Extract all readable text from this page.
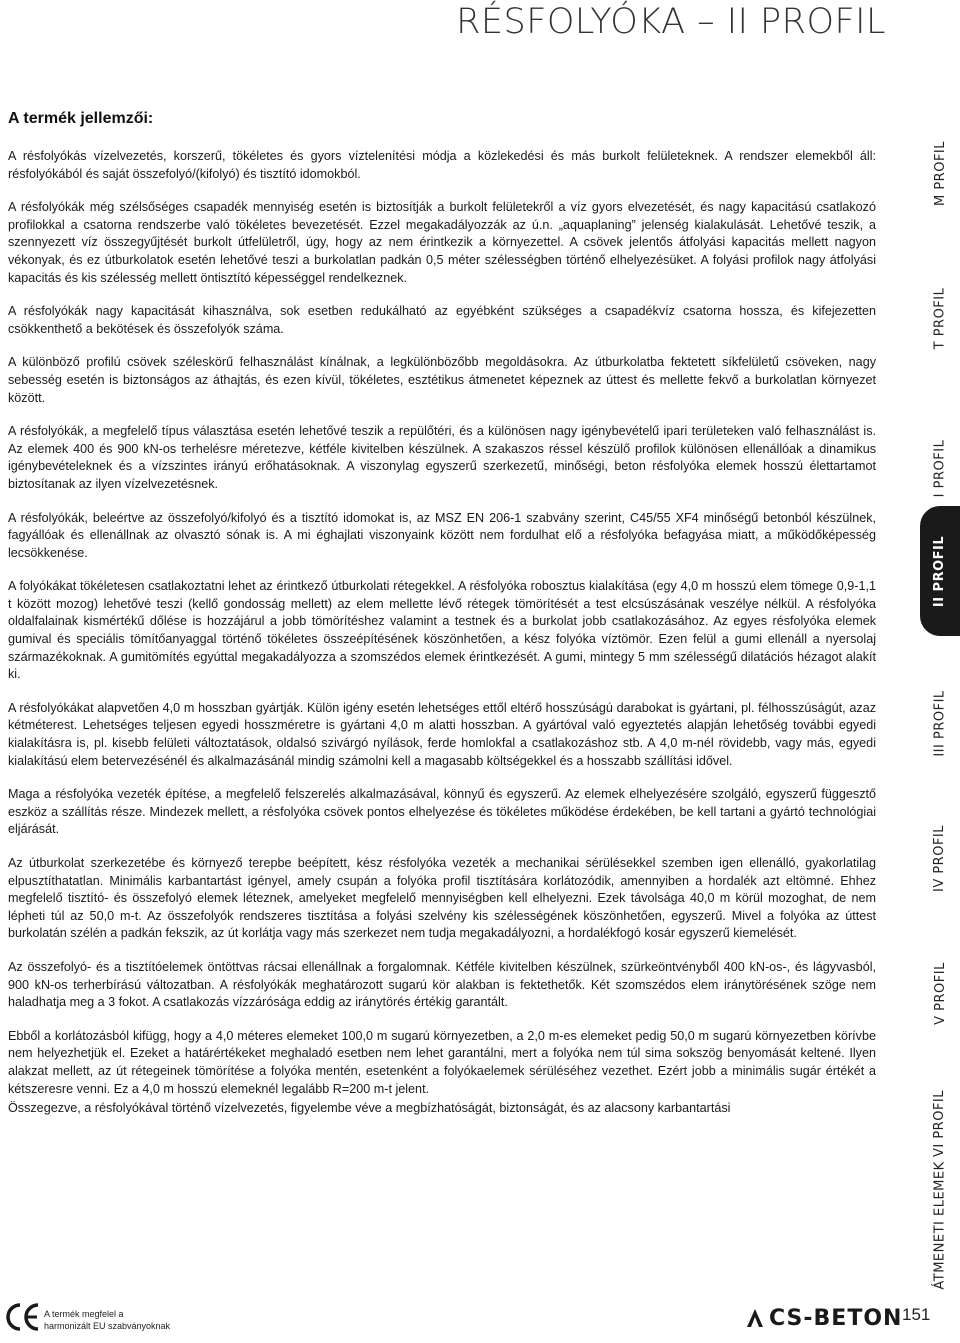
RÉSFOLYÓKA – II PROFIL
A termék jellemzői:

A résfolyókás vízelvezetés, korszerű, tökéletes és gyors víztelenítési módja a közlekedési és más burkolt felületeknek. A rendszer elemekből áll: résfolyókából és saját összefolyó/(kifolyó) és tisztító idomokból.

A résfolyókák még szélsőséges csapadék mennyiség esetén is biztosítják a burkolt felületekről a víz gyors elvezetését, és nagy kapacitású csatlakozó profilokkal a csatorna rendszerbe való tökéletes bevezetését. Ezzel megakadályozzák az ú.n. „aquaplaning” jelenség kialakulását. Lehetővé teszik, a szennyezett víz összegyűjtését burkolt útfelületről, úgy, hogy az nem érintkezik a környezettel. A csövek jelentős átfolyási kapacitás mellett nagyon vékonyak, és ez útburkolatok esetén lehetővé teszi a burkolatlan padkán 0,5 méter szélességben történő elhelyezésüket. A folyási profilok nagy átfolyási kapacitás és kis szélesség mellett öntisztító képességgel rendelkeznek.

A résfolyókák nagy kapacitását kihasználva, sok esetben redukálható az egyébként szükséges a csapadékvíz csatorna hossza, és kifejezetten csökkenthető a bekötések és összefolyók száma.

A különböző profilú csövek széleskörű felhasználást kínálnak, a legkülönbözőbb megoldásokra. Az útburkolatba fektetett síkfelületű csöveken, nagy sebesség esetén is biztonságos az áthajtás, és ezen kívül, tökéletes, esztétikus átmenetet képeznek az úttest és mellette fekvő a burkolatlan környezet között.

A résfolyókák, a megfelelő típus választása esetén lehetővé teszik a repülőtéri, és a különösen nagy igénybevételű ipari területeken való felhasználást is. Az elemek 400 és 900 kN-os terhelésre méretezve, kétféle kivitelben készülnek. A szakaszos réssel készülő profilok különösen ellenállóak a dinamikus igénybevételeknek és a vízszintes irányú erőhatásoknak. A viszonylag egyszerű szerkezetű, minőségi, beton résfolyóka elemek hosszú élettartamot biztosítanak az ilyen vízelvezetésnek.

A résfolyókák, beleértve az összefolyó/kifolyó és a tisztító idomokat is, az MSZ EN 206-1 szabvány szerint, C45/55 XF4 minőségű betonból készülnek, fagyállóak és ellenállnak az olvasztó sónak is. A mi éghajlati viszonyaink között nem fordulhat elő a résfolyóka befagyása miatt, a működőképesség lecsökkenése.

A folyókákat tökéletesen csatlakoztatni lehet az érintkező útburkolati rétegekkel. A résfolyóka robosztus kialakítása (egy 4,0 m hosszú elem tömege 0,9-1,1 t között mozog) lehetővé teszi (kellő gondosság mellett) az elem mellette lévő rétegek tömörítését a test elcsúszásának veszélye nélkül. A résfolyóka oldalfalainak kismértékű dőlése is hozzájárul a jobb tömörítéshez valamint a testnek és a burkolat jobb csatlakozásához. Az egyes résfolyóka elemek gumival és speciális tömítőanyaggal történő tökéletes összeépítésének köszönhetően, a kész folyóka víztömör. Ezen felül a gumi ellenáll a nyersolaj származékoknak. A gumitömítés egyúttal megakadályozza a szomszédos elemek érintkezését. A gumi, mintegy 5 mm szélességű dilatációs hézagot alakít ki.

A résfolyókákat alapvetően 4,0 m hosszban gyártják. Külön igény esetén lehetséges ettől eltérő hosszúságú darabokat is gyártani, pl. félhosszúságút, azaz kétméterest. Lehetséges teljesen egyedi hosszméretre is gyártani 4,0 m alatti hosszban. A gyártóval való egyeztetés alapján lehetőség további egyedi kialakításra is, pl. kisebb felületi változtatások, oldalsó szivárgó nyílások, ferde homlokfal a csatlakozáshoz stb. A 4,0 m-nél rövidebb, vagy más, egyedi kialakítású elem betervezésénél és alkalmazásánál mindig számolni kell a magasabb költségekkel és a hosszabb szállítási idővel.

Maga a résfolyóka vezeték építése, a megfelelő felszerelés alkalmazásával, könnyű és egyszerű. Az elemek elhelyezésére szolgáló, egyszerű függesztő eszköz a szállítás része. Mindezek mellett, a résfolyóka csövek pontos elhelyezése és tökéletes működése érdekében, be kell tartani a gyártó technológiai eljárását.

Az útburkolat szerkezetébe és környező terepbe beépített, kész résfolyóka vezeték a mechanikai sérülésekkel szemben igen ellenálló, gyakorlatilag elpusztíthatatlan. Minimális karbantartást igényel, amely csupán a folyóka profil tisztítására korlátozódik, amennyiben a hordalék azt eltömné. Ehhez megfelelő tisztító- és összefolyó elemek léteznek, amelyeket megfelelő mennyiségben kell elhelyezni. Ezek távolsága 40,0 m körül mozoghat, de nem lépheti túl az 50,0 m-t. Az összefolyók rendszeres tisztítása a folyási szelvény kis szélességének köszönhetően, egyszerű. Mivel a folyóka az úttest burkolatán szélén a padkán fekszik, az út korlátja vagy más szerkezet nem tudja megakadályozni, a hordalékfogó kosár egyszerű kiemelését.

Az összefolyó- és a tisztítóelemek öntöttvas rácsai ellenállnak a forgalomnak. Kétféle kivitelben készülnek, szürkeöntvényből 400 kN-os-, és lágyvasból, 900 kN-os terherbírású változatban. A résfolyókák meghatározott sugarú kör alakban is fektethetők. Két szomszédos elem iránytörésének szöge nem haladhatja meg a 3 fokot. A csatlakozás vízzárósága eddig az iránytörés értékig garantált.

Ebből a korlátozásból kifügg, hogy a 4,0 méteres elemeket 100,0 m sugarú környezetben, a 2,0 m-es elemeket pedig 50,0 m sugarú környezetben körívbe nem helyezhetjük el. Ezeket a határértékeket meghaladó esetben nem lehet garantálni, mert a folyóka nem túl sima sokszög benyomását keltené. Ilyen alakzat mellett, az út rétegeinek tömörítése a folyóka mentén, esetenként a folyókaelemek sérüléséhez vezethet. Ezért jobb a minimális sugár értékét a kétszeresre venni. Ez a 4,0 m hosszú elemeknél legalább R=200 m-t jelent.

Összegezve, a résfolyókával történő vízelvezetés, figyelembe véve a megbízhatóságát, biztonságát, és az alacsony karbantartási

M PROFIL
T PROFIL
I PROFIL
II PROFIL
III PROFIL
IV PROFIL
V PROFIL
VI PROFIL
ÁTMENETI ELEMEK
A termék megfelel a
harmonizált EU szabványoknak	CS-BETON 151
